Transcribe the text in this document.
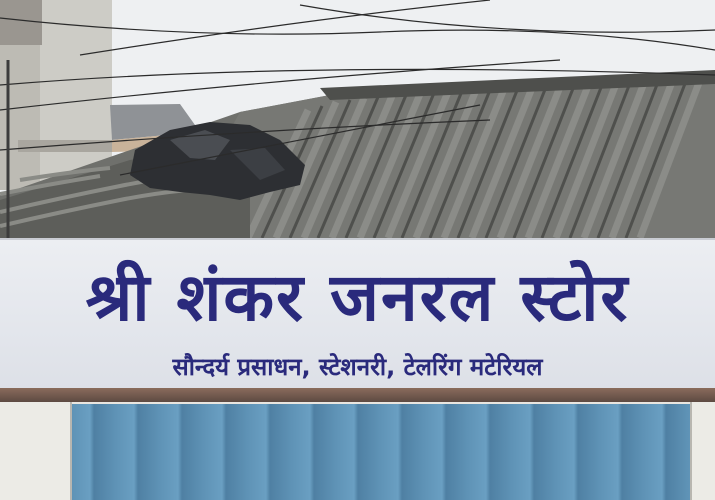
श्री शंकर जनरल स्टोर
सौन्दर्य प्रसाधन, स्टेशनरी, टेलरिंग मटेरियल
